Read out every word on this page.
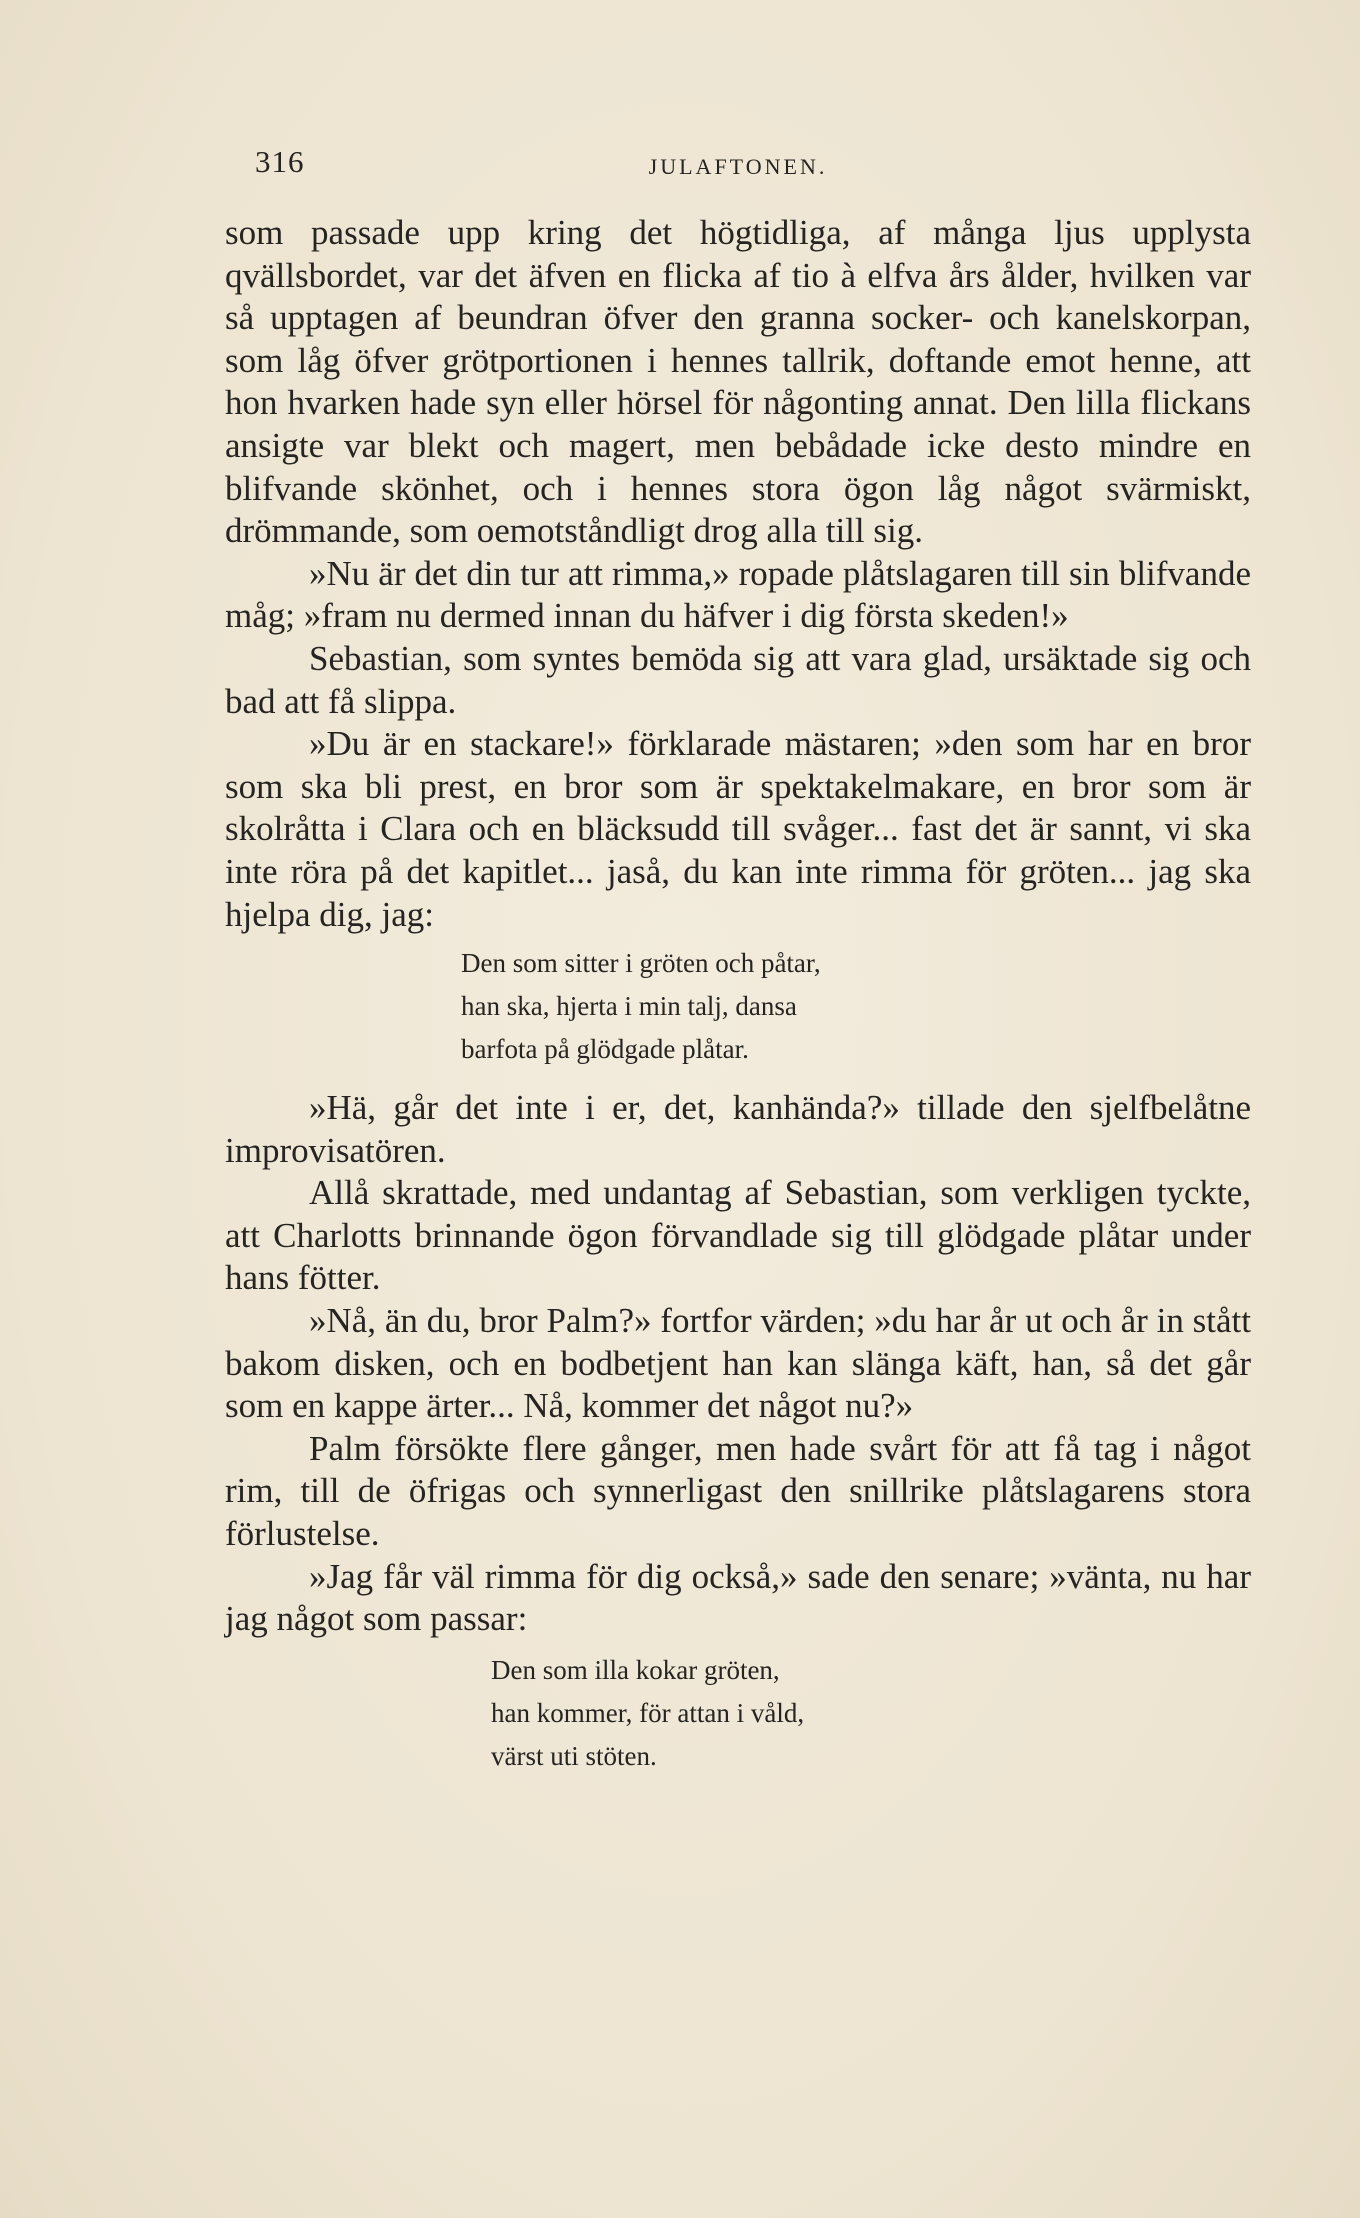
316	JULAFTONEN.

som passade upp kring det högtidliga, af många ljus upplysta qvällsbordet, var det äfven en flicka af tio à elfva års ålder, hvilken var så upptagen af beundran öfver den granna socker- och kanelskorpan, som låg öfver grötportionen i hennes tallrik, doftande emot henne, att hon hvarken hade syn eller hörsel för någonting annat. Den lilla flickans ansigte var blekt och magert, men bebådade icke desto mindre en blifvande skönhet, och i hennes stora ögon låg något svärmiskt, drömmande, som oemotståndligt drog alla till sig.

»Nu är det din tur att rimma,» ropade plåtslagaren till sin blifvande måg; »fram nu dermed innan du häfver i dig första skeden!»

Sebastian, som syntes bemöda sig att vara glad, ursäktade sig och bad att få slippa.

»Du är en stackare!» förklarade mästaren; »den som har en bror som ska bli prest, en bror som är spektakelmakare, en bror som är skolråtta i Clara och en bläcksudd till svåger... fast det är sannt, vi ska inte röra på det kapitlet... jaså, du kan inte rimma för gröten... jag ska hjelpa dig, jag:

Den som sitter i gröten och påtar,
han ska, hjerta i min talj, dansa
barfota på glödgade plåtar.

»Hä, går det inte i er, det, kanhända?» tillade den sjelfbelåtne improvisatören.

Allå skrattade, med undantag af Sebastian, som verkligen tyckte, att Charlotts brinnande ögon förvandlade sig till glödgade plåtar under hans fötter.

»Nå, än du, bror Palm?» fortfor värden; »du har år ut och år in stått bakom disken, och en bodbetjent han kan slänga käft, han, så det går som en kappe ärter... Nå, kommer det något nu?»

Palm försökte flere gånger, men hade svårt för att få tag i något rim, till de öfrigas och synnerligast den snillrike plåtslagarens stora förlustelse.

»Jag får väl rimma för dig också,» sade den senare; »vänta, nu har jag något som passar:

Den som illa kokar gröten,
han kommer, för attan i våld,
värst uti stöten.
